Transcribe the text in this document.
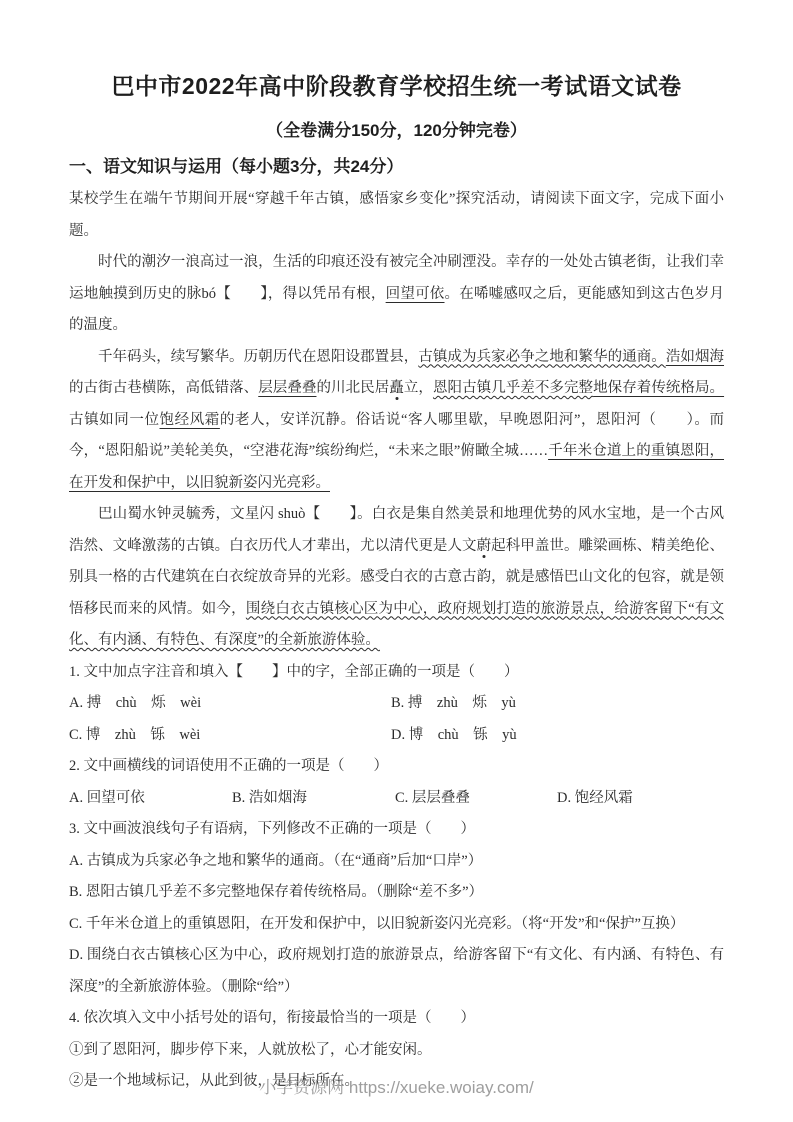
巴中市2022年高中阶段教育学校招生统一考试语文试卷
（全卷满分150分，120分钟完卷）
一、语文知识与运用（每小题3分，共24分）

某校学生在端午节期间开展“穿越千年古镇，感悟家乡变化”探究活动，请阅读下面文字，完成下面小题。

时代的潮汐一浪高过一浪，生活的印痕还没有被完全冲刷湮没。幸存的一处处古镇老街，让我们幸运地触摸到历史的脉bó【　　】，得以凭吊有根，回望可依。在唏嘘感叹之后，更能感知到这古色岁月的温度。

千年码头，续写繁华。历朝历代在恩阳设郡置县，古镇成为兵家必争之地和繁华的通商。浩如烟海的古街古巷横陈，高低错落、层层叠叠的川北民居矗立，恩阳古镇几乎差不多完整地保存着传统格局。古镇如同一位饱经风霜的老人，安详沉静。俗话说“客人哪里歇，早晚恩阳河”，恩阳河（　　）。而今，“恩阳船说”美轮美奂，“空港花海”缤纷绚烂，“未来之眼”俯瞰全城……千年米仓道上的重镇恩阳，在开发和保护中，以旧貌新姿闪光亮彩。

巴山蜀水钟灵毓秀，文星闪 shuò【　　】。白衣是集自然美景和地理优势的风水宝地，是一个古风浩然、文峰激荡的古镇。白衣历代人才辈出，尤以清代更是人文蔚起科甲盖世。雕梁画栋、精美绝伦、别具一格的古代建筑在白衣绽放奇异的光彩。感受白衣的古意古韵，就是感悟巴山文化的包容，就是领悟移民而来的风情。如今，围绕白衣古镇核心区为中心，政府规划打造的旅游景点，给游客留下“有文化、有内涵、有特色、有深度”的全新旅游体验。

1. 文中加点字注音和填入【　　】中的字，全部正确的一项是（　　）

A. 搏　chù　烁　wèi	B. 搏　zhù　烁　yù

C. 博　zhù　铄　wèi	D. 博　chù　铄　yù

2. 文中画横线的词语使用不正确的一项是（　　）

A. 回望可依	B. 浩如烟海	C. 层层叠叠	D. 饱经风霜

3. 文中画波浪线句子有语病，下列修改不正确的一项是（　　）

A. 古镇成为兵家必争之地和繁华的通商。（在“通商”后加“口岸”）

B. 恩阳古镇几乎差不多完整地保存着传统格局。（删除“差不多”）

C. 千年米仓道上的重镇恩阳，在开发和保护中，以旧貌新姿闪光亮彩。（将“开发”和“保护”互换）

D. 围绕白衣古镇核心区为中心，政府规划打造的旅游景点，给游客留下“有文化、有内涵、有特色、有深度”的全新旅游体验。（删除“给”）

4. 依次填入文中小括号处的语句，衔接最恰当的一项是（　　）

①到了恩阳河，脚步停下来，人就放松了，心才能安闲。

②是一个地域标记，从此到彼，是目标所在。

小学资源网 https://xueke.woiay.com/
